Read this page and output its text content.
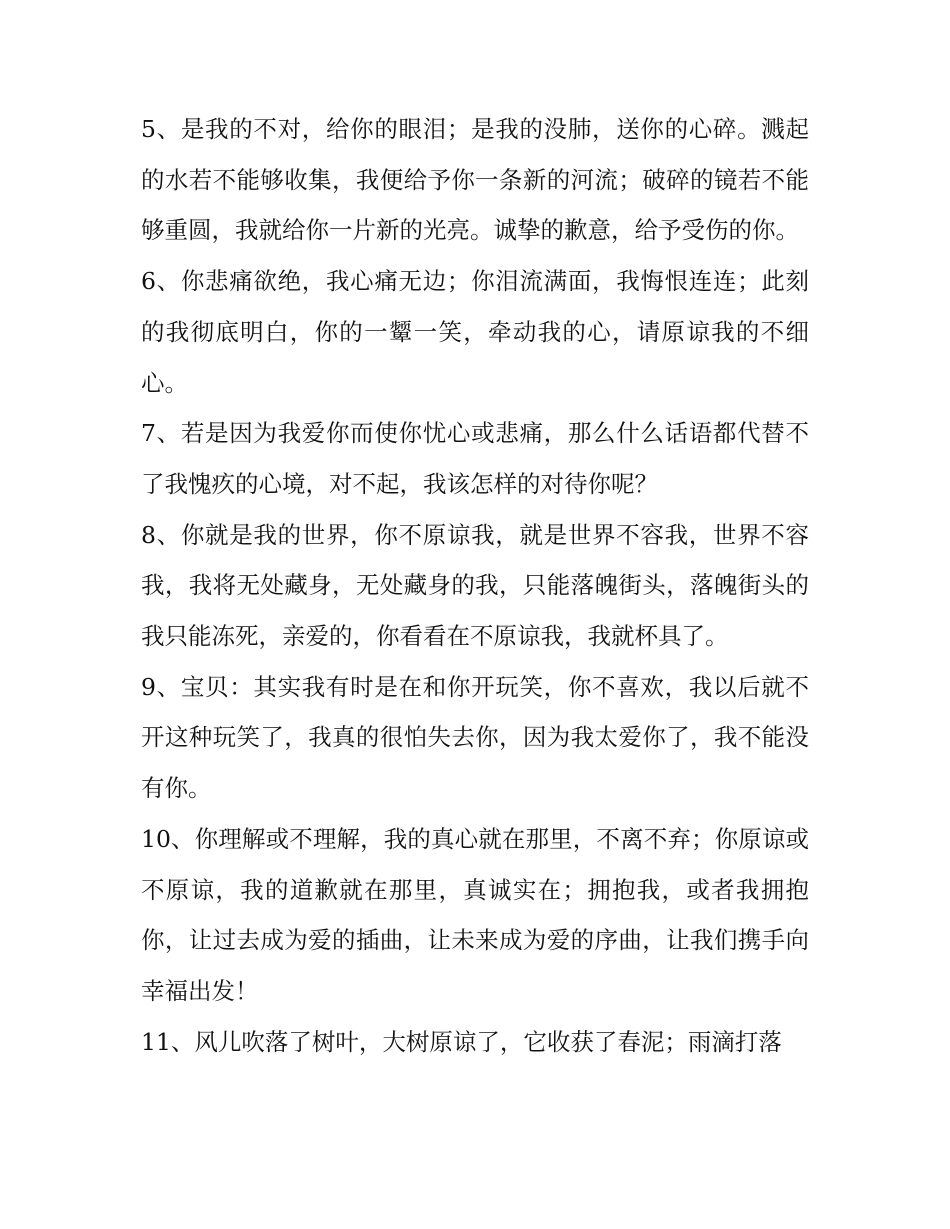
5、是我的不对，给你的眼泪；是我的没肺，送你的心碎。溅起的水若不能够收集，我便给予你一条新的河流；破碎的镜若不能够重圆，我就给你一片新的光亮。诚挚的歉意，给予受伤的你。

6、你悲痛欲绝，我心痛无边；你泪流满面，我悔恨连连；此刻的我彻底明白，你的一颦一笑，牵动我的心，请原谅我的不细心。

7、若是因为我爱你而使你忧心或悲痛，那么什么话语都代替不了我愧疚的心境，对不起，我该怎样的对待你呢？

8、你就是我的世界，你不原谅我，就是世界不容我，世界不容我，我将无处藏身，无处藏身的我，只能落魄街头，落魄街头的我只能冻死，亲爱的，你看看在不原谅我，我就杯具了。

9、宝贝：其实我有时是在和你开玩笑，你不喜欢，我以后就不开这种玩笑了，我真的很怕失去你，因为我太爱你了，我不能没有你。

10、你理解或不理解，我的真心就在那里，不离不弃；你原谅或不原谅，我的道歉就在那里，真诚实在；拥抱我，或者我拥抱你，让过去成为爱的插曲，让未来成为爱的序曲，让我们携手向幸福出发！

11、风儿吹落了树叶，大树原谅了，它收获了春泥；雨滴打落
